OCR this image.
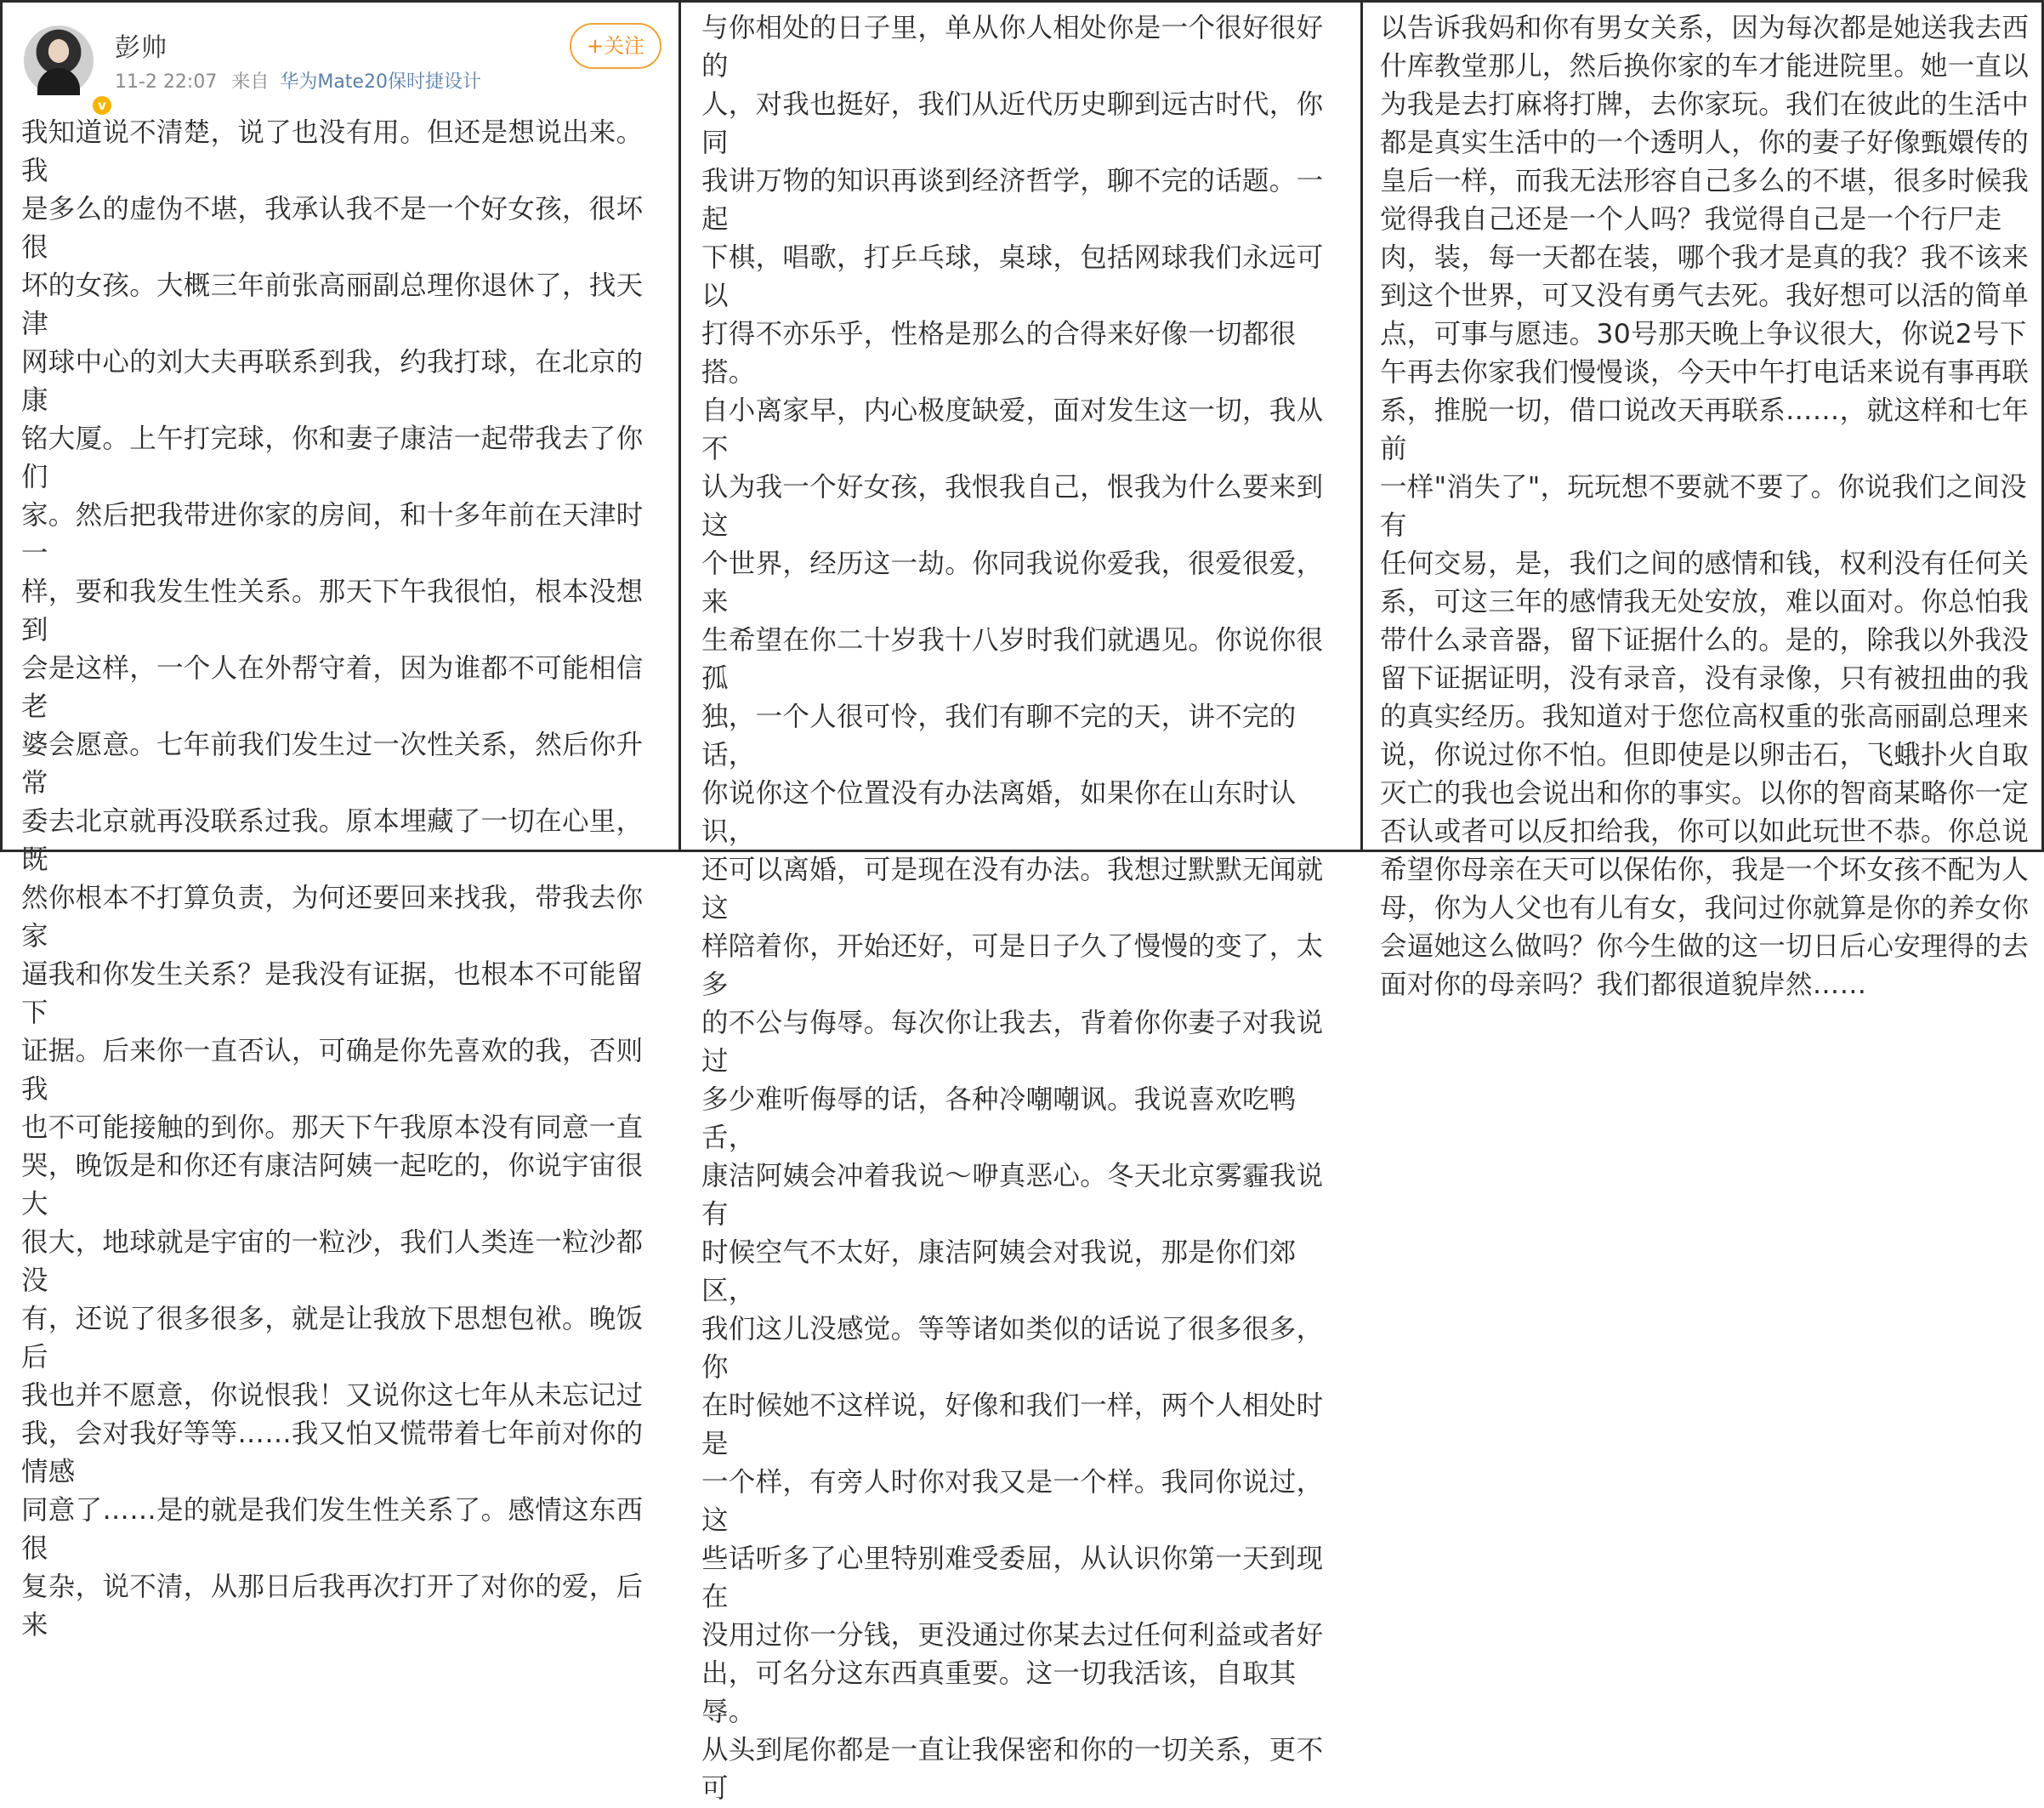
v
彭帅
11-2 22:07 来自 华为Mate20保时捷设计
+关注

我知道说不清楚，说了也没有用。但还是想说出来。我
是多么的虚伪不堪，我承认我不是一个好女孩，很坏很
坏的女孩。大概三年前张高丽副总理你退休了，找天津
网球中心的刘大夫再联系到我，约我打球，在北京的康
铭大厦。上午打完球，你和妻子康洁一起带我去了你们
家。然后把我带进你家的房间，和十多年前在天津时一
样，要和我发生性关系。那天下午我很怕，根本没想到
会是这样，一个人在外帮守着，因为谁都不可能相信老
婆会愿意。七年前我们发生过一次性关系，然后你升常
委去北京就再没联系过我。原本埋藏了一切在心里，既
然你根本不打算负责，为何还要回来找我，带我去你家
逼我和你发生关系？是我没有证据，也根本不可能留下
证据。后来你一直否认，可确是你先喜欢的我，否则我
也不可能接触的到你。那天下午我原本没有同意一直
哭，晚饭是和你还有康洁阿姨一起吃的，你说宇宙很大
很大，地球就是宇宙的一粒沙，我们人类连一粒沙都没
有，还说了很多很多，就是让我放下思想包袱。晚饭后
我也并不愿意，你说恨我！又说你这七年从未忘记过
我，会对我好等等……我又怕又慌带着七年前对你的情感
同意了……是的就是我们发生性关系了。感情这东西很
复杂，说不清，从那日后我再次打开了对你的爱，后来

与你相处的日子里，单从你人相处你是一个很好很好的
人，对我也挺好，我们从近代历史聊到远古时代，你同
我讲万物的知识再谈到经济哲学，聊不完的话题。一起
下棋，唱歌，打乒乓球，桌球，包括网球我们永远可以
打得不亦乐乎，性格是那么的合得来好像一切都很搭。
自小离家早，内心极度缺爱，面对发生这一切，我从不
认为我一个好女孩，我恨我自己，恨我为什么要来到这
个世界，经历这一劫。你同我说你爱我，很爱很爱，来
生希望在你二十岁我十八岁时我们就遇见。你说你很孤
独，一个人很可怜，我们有聊不完的天，讲不完的话，
你说你这个位置没有办法离婚，如果你在山东时认识，
还可以离婚，可是现在没有办法。我想过默默无闻就这
样陪着你，开始还好，可是日子久了慢慢的变了，太多
的不公与侮辱。每次你让我去，背着你你妻子对我说过
多少难听侮辱的话，各种冷嘲嘲讽。我说喜欢吃鸭舌，
康洁阿姨会冲着我说～咿真恶心。冬天北京雾霾我说有
时候空气不太好，康洁阿姨会对我说，那是你们郊区，
我们这儿没感觉。等等诸如类似的话说了很多很多，你
在时候她不这样说，好像和我们一样，两个人相处时是
一个样，有旁人时你对我又是一个样。我同你说过，这
些话听多了心里特别难受委屈，从认识你第一天到现在
没用过你一分钱，更没通过你某去过任何利益或者好
出，可名分这东西真重要。这一切我活该，自取其辱。
从头到尾你都是一直让我保密和你的一切关系，更不可

以告诉我妈和你有男女关系，因为每次都是她送我去西
什库教堂那儿，然后换你家的车才能进院里。她一直以
为我是去打麻将打牌，去你家玩。我们在彼此的生活中
都是真实生活中的一个透明人，你的妻子好像甄嬛传的
皇后一样，而我无法形容自己多么的不堪，很多时候我
觉得我自己还是一个人吗？我觉得自己是一个行尸走
肉，装，每一天都在装，哪个我才是真的我？我不该来
到这个世界，可又没有勇气去死。我好想可以活的简单
点，可事与愿违。30号那天晚上争议很大，你说2号下
午再去你家我们慢慢谈，今天中午打电话来说有事再联
系，推脱一切，借口说改天再联系……，就这样和七年前
一样"消失了"，玩玩想不要就不要了。你说我们之间没有
任何交易，是，我们之间的感情和钱，权利没有任何关
系，可这三年的感情我无处安放，难以面对。你总怕我
带什么录音器，留下证据什么的。是的，除我以外我没
留下证据证明，没有录音，没有录像，只有被扭曲的我
的真实经历。我知道对于您位高权重的张高丽副总理来
说，你说过你不怕。但即使是以卵击石，飞蛾扑火自取
灭亡的我也会说出和你的事实。以你的智商某略你一定
否认或者可以反扣给我，你可以如此玩世不恭。你总说
希望你母亲在天可以保佑你，我是一个坏女孩不配为人
母，你为人父也有儿有女，我问过你就算是你的养女你
会逼她这么做吗？你今生做的这一切日后心安理得的去
面对你的母亲吗？我们都很道貌岸然……
